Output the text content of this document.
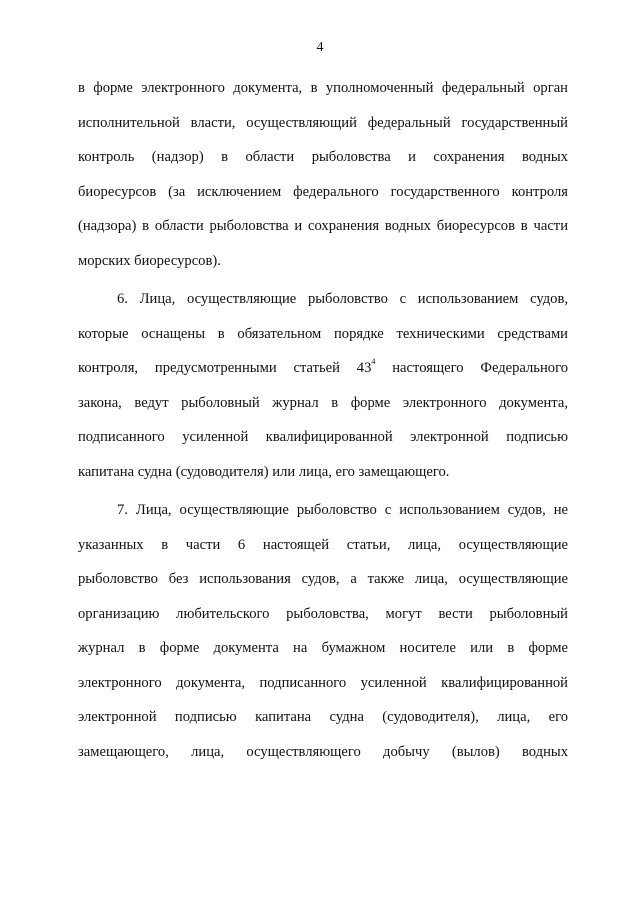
4
в форме электронного документа, в уполномоченный федеральный орган
исполнительной власти, осуществляющий федеральный государственный
контроль (надзор) в области рыболовства и сохранения водных
биоресурсов (за исключением федерального государственного контроля
(надзора) в области рыболовства и сохранения водных биоресурсов в части
морских биоресурсов).
6. Лица, осуществляющие рыболовство с использованием судов,
которые оснащены в обязательном порядке техническими средствами
контроля, предусмотренными статьей $43^4$ настоящего Федерального
закона, ведут рыболовный журнал в форме электронного документа,
подписанного усиленной квалифицированной электронной подписью
капитана судна (судоводителя) или лица, его замещающего.
7. Лица, осуществляющие рыболовство с использованием судов, не
указанных в части 6 настоящей статьи, лица, осуществляющие
рыболовство без использования судов, а также лица, осуществляющие
организацию любительского рыболовства, могут вести рыболовный
журнал в форме документа на бумажном носителе или в форме
электронного документа, подписанного усиленной квалифицированной
электронной подписью капитана судна (судоводителя), лица, его
замещающего, лица, осуществляющего добычу (вылов) водных
